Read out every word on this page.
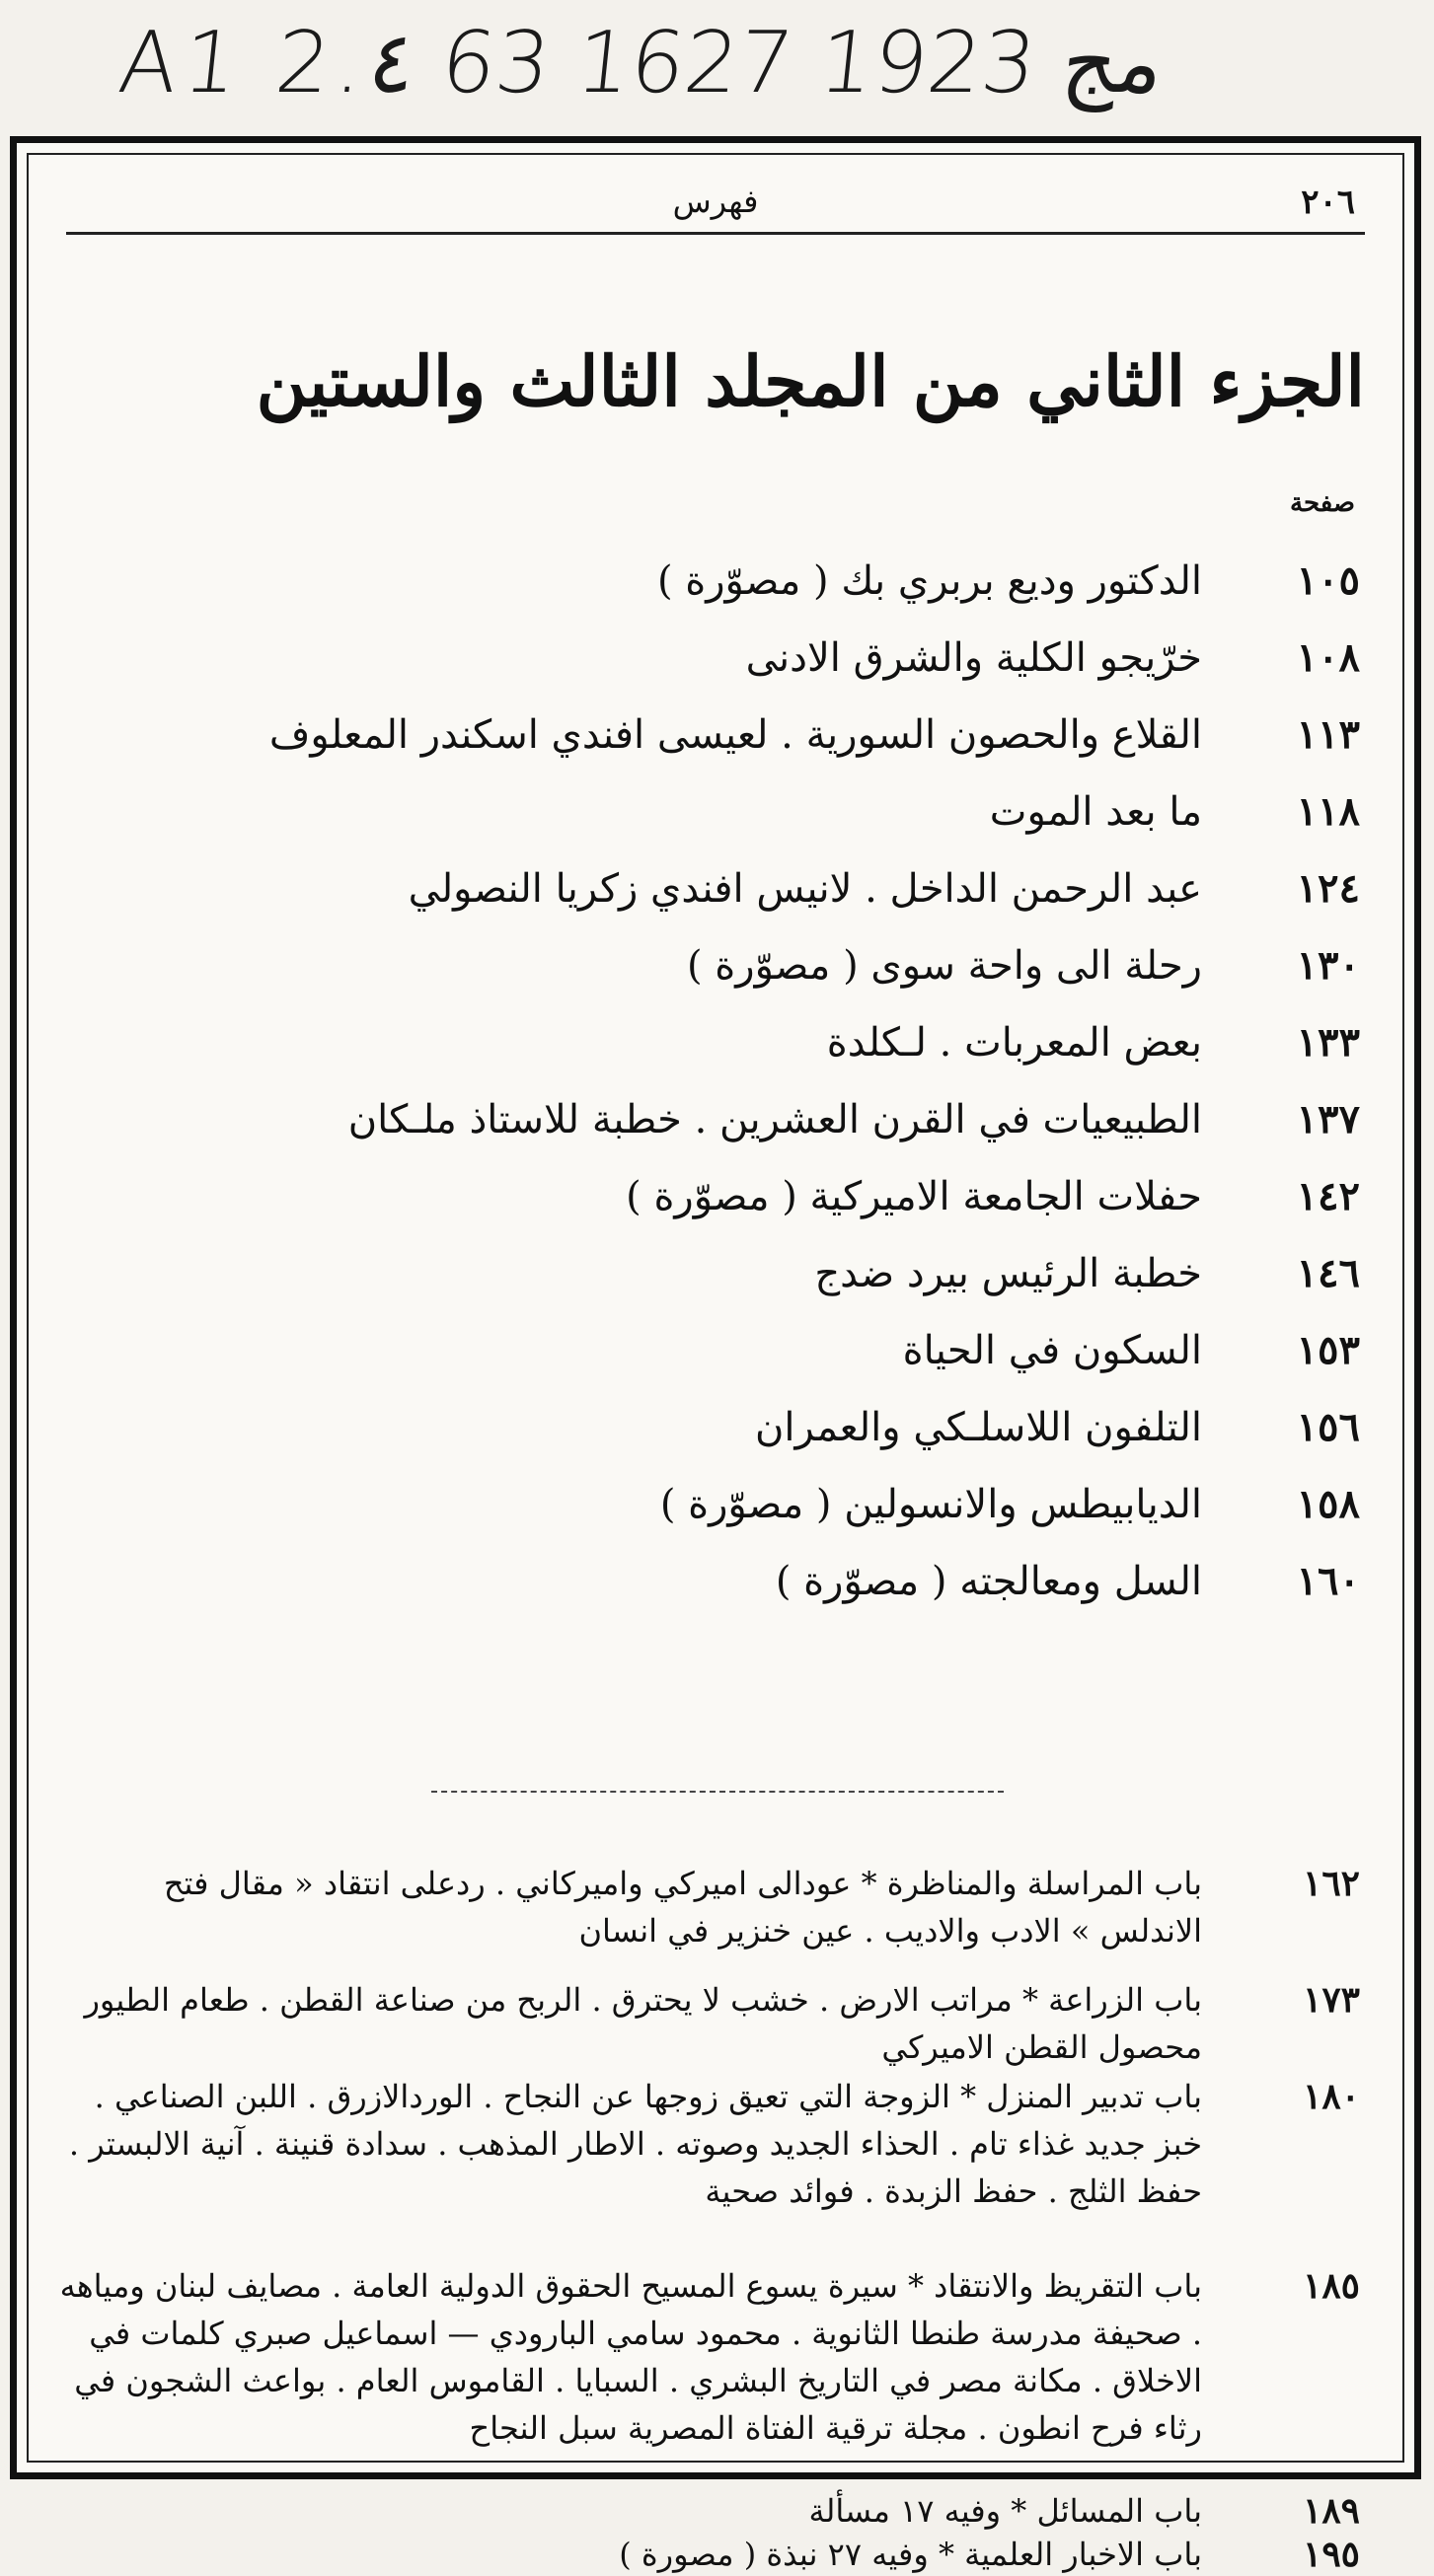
A1 2.٤ 63 مج 1923 1627
٢٠٦
فهرس
الجزء الثاني من المجلد الثالث والستين
صفحة
١٠٥
الدكتور وديع بربري بك ( مصوّرة )
١٠٨
خرّيجو الكلية والشرق الادنى
١١٣
القلاع والحصون السورية . لعيسى افندي اسكندر المعلوف
١١٨
ما بعد الموت
١٢٤
عبد الرحمن الداخل . لانيس افندي زكريا النصولي
١٣٠
رحلة الى واحة سوى ( مصوّرة )
١٣٣
بعض المعربات . لـكلدة
١٣٧
الطبيعيات في القرن العشرين . خطبة للاستاذ ملـكان
١٤٢
حفلات الجامعة الاميركية ( مصوّرة )
١٤٦
خطبة الرئيس بيرد ضدج
١٥٣
السكون في الحياة
١٥٦
التلفون اللاسلـكي والعمران
١٥٨
الديابيطس والانسولين ( مصوّرة )
١٦٠
السل ومعالجته ( مصوّرة )
١٦٢
باب المراسلة والمناظرة * عودالى اميركي واميركاني . ردعلى انتقاد « مقال فتح الاندلس » الادب والاديب . عين خنزير في انسان
١٧٣
باب الزراعة * مراتب الارض . خشب لا يحترق . الربح من صناعة القطن . طعام الطيور محصول القطن الاميركي
١٨٠
باب تدبير المنزل * الزوجة التي تعيق زوجها عن النجاح . الوردالازرق . اللبن الصناعي . خبز جديد غذاء تام . الحذاء الجديد وصوته . الاطار المذهب . سدادة قنينة . آنية الالبستر . حفظ الثلج . حفظ الزبدة . فوائد صحية
١٨٥
باب التقريظ والانتقاد * سيرة يسوع المسيح الحقوق الدولية العامة . مصايف لبنان ومياهه . صحيفة مدرسة طنطا الثانوية . محمود سامي البارودي — اسماعيل صبري كلمات في الاخلاق . مكانة مصر في التاريخ البشري . السبايا . القاموس العام . بواعث الشجون في رثاء فرح انطون . مجلة ترقية الفتاة المصرية سبل النجاح
١٨٩
باب المسائل * وفيه ١٧ مسألة
١٩٥
باب الاخبار العلمية * وفيه ٢٧ نبذة ( مصورة )
